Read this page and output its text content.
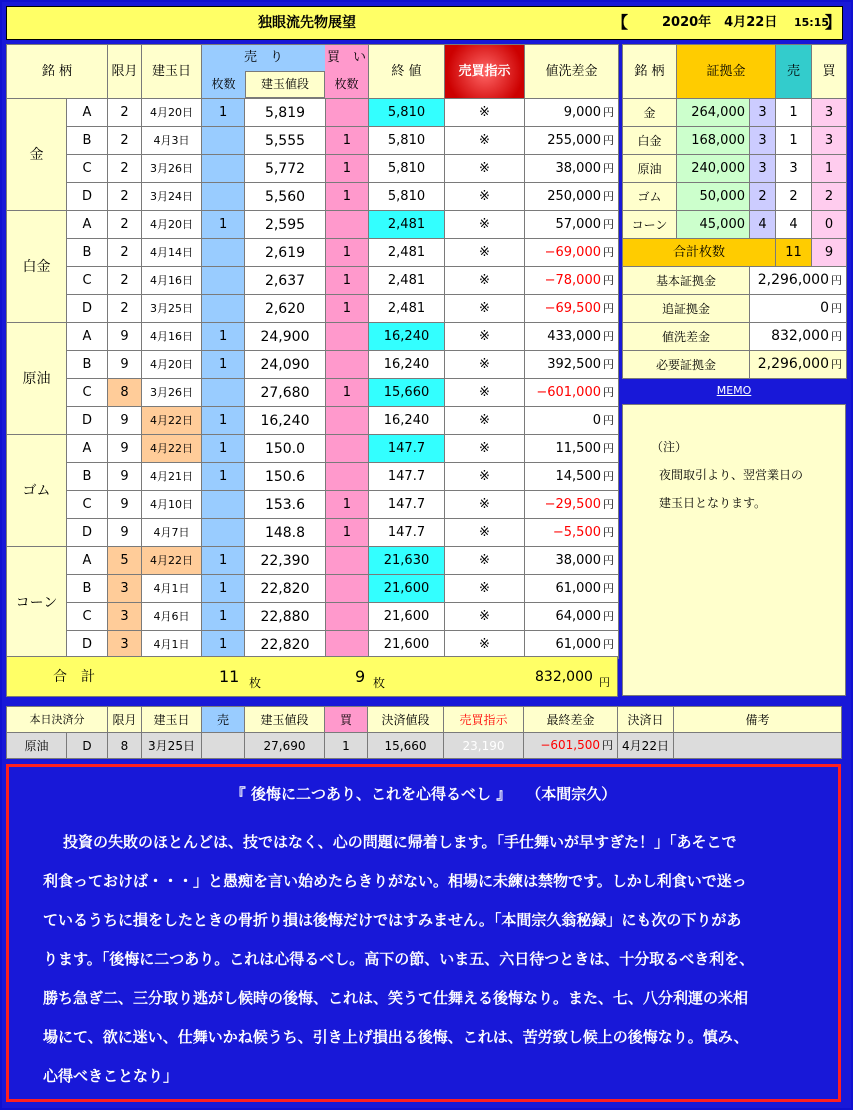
独眼流先物展望	【	2020年　4月22日 15:15
】
銘 柄		限月	建玉日	売　り 買　い
枚数 建玉値段 枚数			終 値	売買指示	値洗差金
金	A	2	4月20日	1	5,819		5,810	※	9,000 円
	B	2	4月3日		5,555	1	5,810	※	255,000 円
	C	2	3月26日		5,772	1	5,810	※	38,000 円
	D	2	3月24日		5,560	1	5,810	※	250,000 円
白金	A	2	4月20日	1	2,595		2,481	※	57,000 円
	B	2	4月14日		2,619	1	2,481	※	−69,000 円
	C	2	4月16日		2,637	1	2,481	※	−78,000 円
	D	2	3月25日		2,620	1	2,481	※	−69,500 円
原油	A	9	4月16日	1	24,900		16,240	※	433,000 円
	B	9	4月20日	1	24,090		16,240	※	392,500 円
	C	8	3月26日		27,680	1	15,660	※	−601,000 円
	D	9	4月22日	1	16,240		16,240	※	0 円
ゴム	A	9	4月22日	1	150.0		147.7	※	11,500 円
	B	9	4月21日	1	150.6		147.7	※	14,500 円
	C	9	4月10日		153.6	1	147.7	※	−29,500 円
	D	9	4月7日		148.8	1	147.7	※	−5,500 円
コーン	A	5	4月22日	1	22,390		21,630	※	38,000 円
	B	3	4月1日	1	22,820		21,600	※	61,000 円
	C	3	4月6日	1	22,880		21,600	※	64,000 円
	D	3	4月1日	1	22,820		21,600	※	61,000 円
合　計	11 枚	9 枚	832,000 円
銘 柄	証拠金		売	買
金	264,000	3	1	3
白金	168,000	3	1	3
原油	240,000	3	3	1
ゴム	50,000	2	2	2
コーン	45,000	4	4	0
合計枚数			11	9
基本証拠金		2,296,000 円		
追証拠金		0 円		
値洗差金		832,000 円		
必要証拠金		2,296,000 円		
MEMO
（注）
夜間取引より、翌営業日の
建玉日となります。
本日決済分		限月	建玉日	売	建玉値段	買	決済値段	売買指示	最終差金	決済日	備考
原油	D	8	3月25日		27,690	1	15,660	23,190	−601,500 円	4月22日	
『 後悔に二つあり、これを心得るべし 』　　（本間宗久）
投資の失敗のほとんどは、技ではなく、心の問題に帰着します。「手仕舞いが早すぎた！」「あそこで
利食っておけば・・・」と愚痴を言い始めたらきりがない。相場に未練は禁物です。しかし利食いで迷っ
ているうちに損をしたときの骨折り損は後悔だけではすみません。「本間宗久翁秘録」にも次の下りがあ
ります。「後悔に二つあり。これは心得るべし。高下の節、いま五、六日待つときは、十分取るべき利を、
勝ち急ぎ二、三分取り逃がし候時の後悔、これは、笑うて仕舞える後悔なり。また、七、八分利運の米相
場にて、欲に迷い、仕舞いかね候うち、引き上げ損出る後悔、これは、苦労致し候上の後悔なり。慎み、
心得べきことなり」
